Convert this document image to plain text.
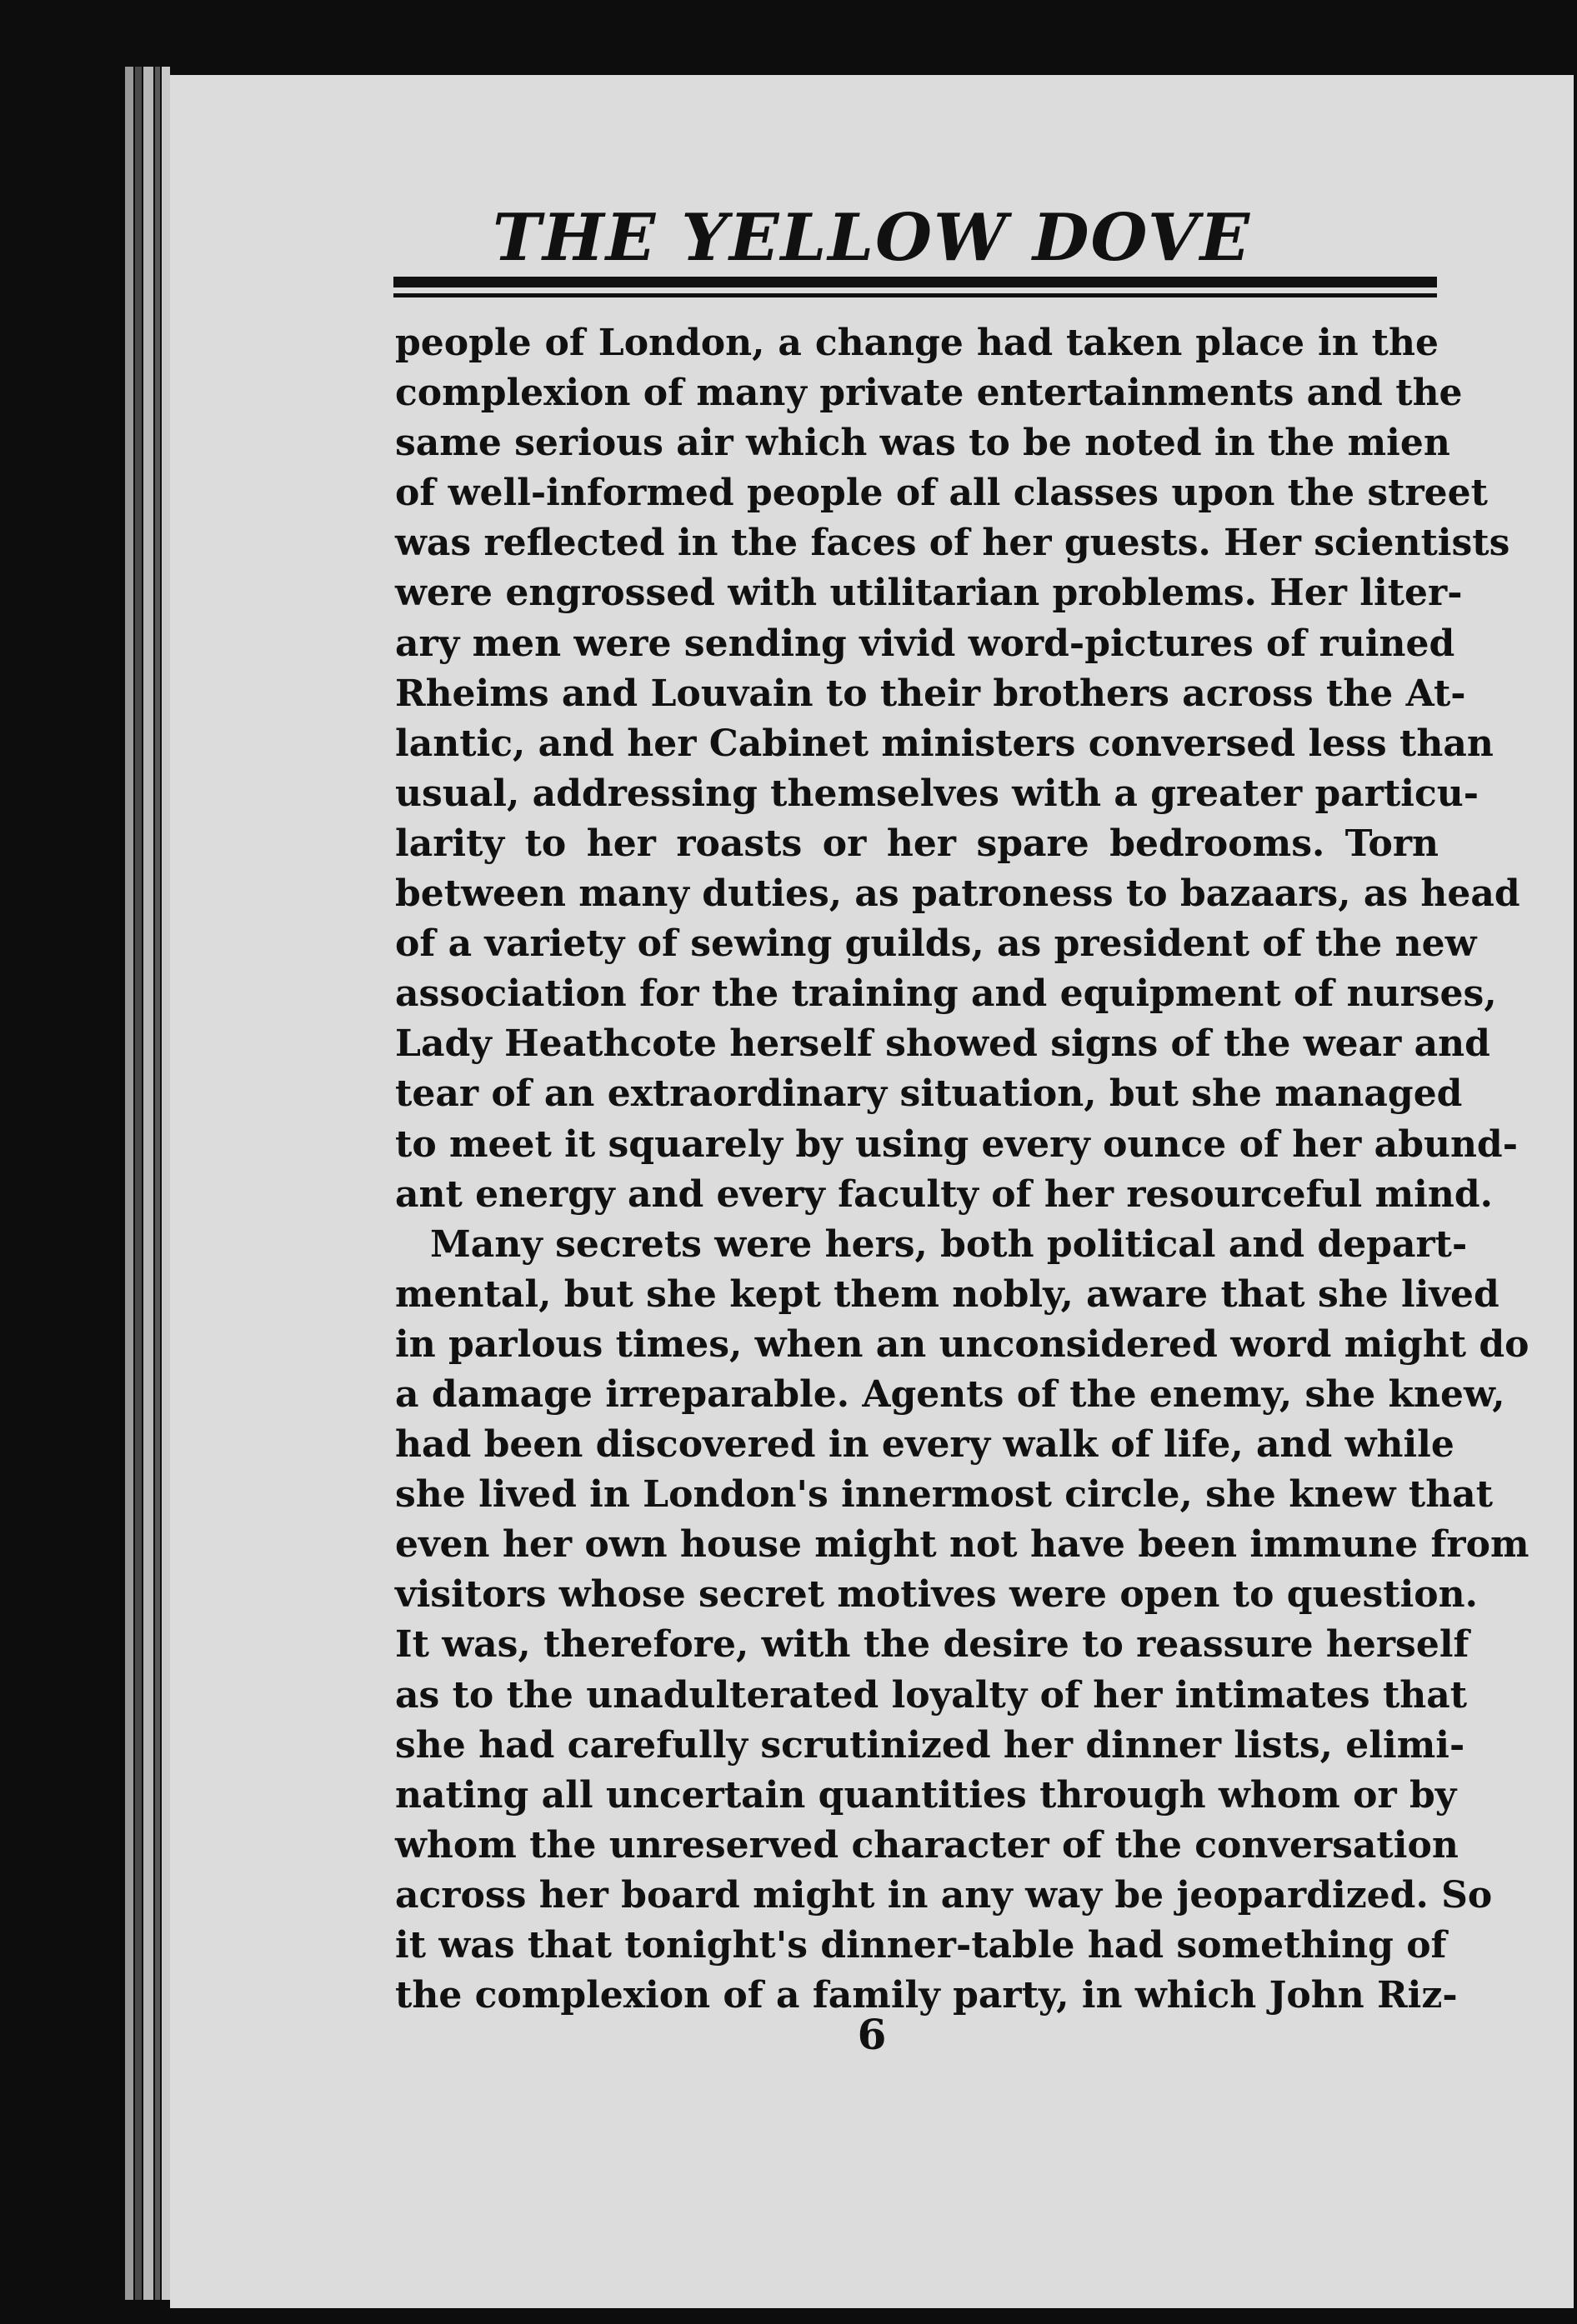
THE YELLOW DOVE
people of London, a change had taken place in the
complexion of many private entertainments and the
same serious air which was to be noted in the mien
of well-informed people of all classes upon the street
was reflected in the faces of her guests. Her scientists
were engrossed with utilitarian problems. Her liter-
ary men were sending vivid word-pictures of ruined
Rheims and Louvain to their brothers across the At-
lantic, and her Cabinet ministers conversed less than
usual, addressing themselves with a greater particu-
larity to her roasts or her spare bedrooms. Torn
between many duties, as patroness to bazaars, as head
of a variety of sewing guilds, as president of the new
association for the training and equipment of nurses,
Lady Heathcote herself showed signs of the wear and
tear of an extraordinary situation, but she managed
to meet it squarely by using every ounce of her abund-
ant energy and every faculty of her resourceful mind.
Many secrets were hers, both political and depart-
mental, but she kept them nobly, aware that she lived
in parlous times, when an unconsidered word might do
a damage irreparable. Agents of the enemy, she knew,
had been discovered in every walk of life, and while
she lived in London's innermost circle, she knew that
even her own house might not have been immune from
visitors whose secret motives were open to question.
It was, therefore, with the desire to reassure herself
as to the unadulterated loyalty of her intimates that
she had carefully scrutinized her dinner lists, elimi-
nating all uncertain quantities through whom or by
whom the unreserved character of the conversation
across her board might in any way be jeopardized. So
it was that tonight's dinner-table had something of
the complexion of a family party, in which John Riz-
6
